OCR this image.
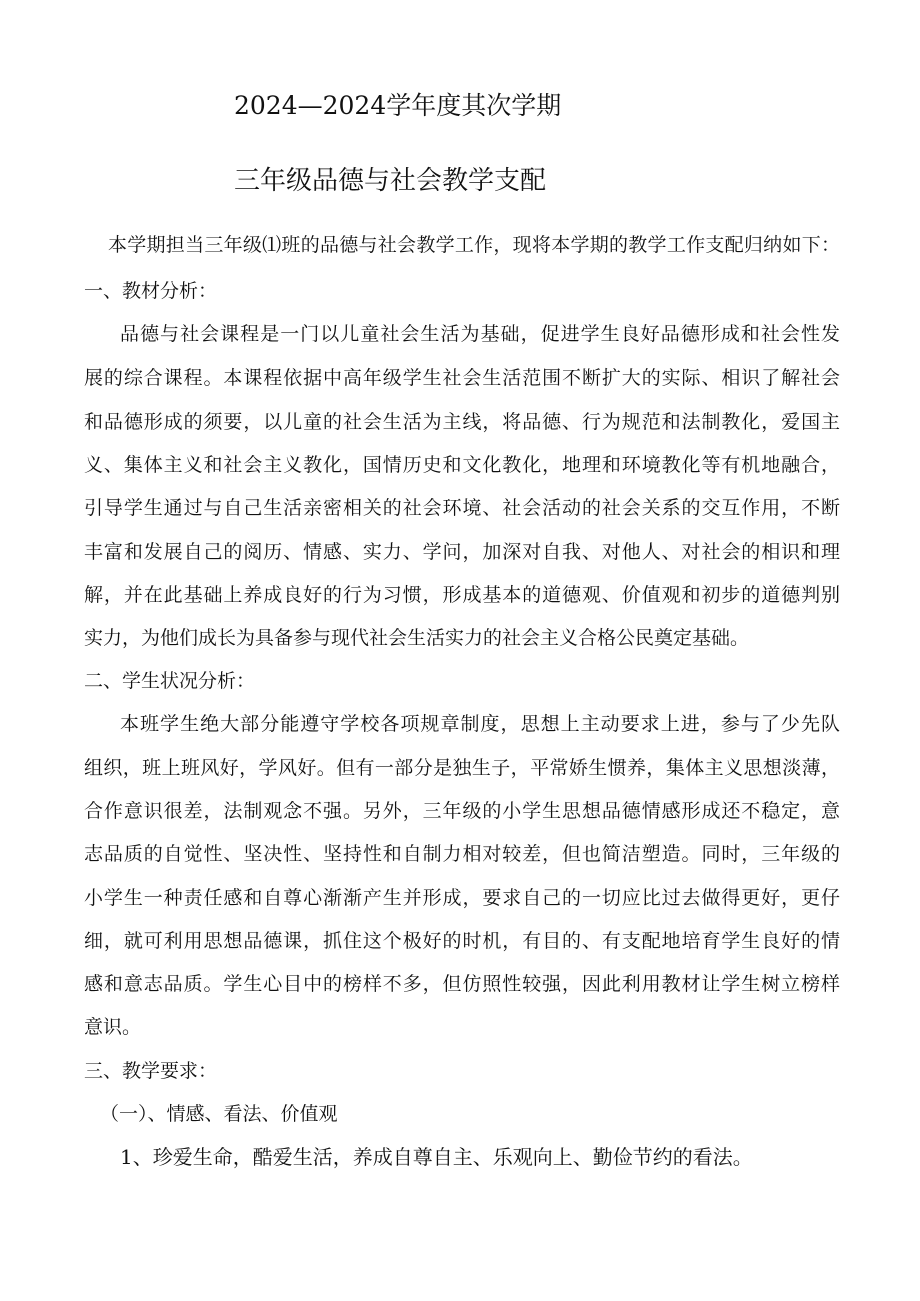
2024—2024学年度其次学期
三年级品德与社会教学支配
本学期担当三年级⑴班的品德与社会教学工作，现将本学期的教学工作支配归纳如下：
一、教材分析：
品德与社会课程是一门以儿童社会生活为基础，促进学生良好品德形成和社会性发
展的综合课程。本课程依据中高年级学生社会生活范围不断扩大的实际、相识了解社会
和品德形成的须要，以儿童的社会生活为主线，将品德、行为规范和法制教化，爱国主
义、集体主义和社会主义教化，国情历史和文化教化，地理和环境教化等有机地融合，
引导学生通过与自己生活亲密相关的社会环境、社会活动的社会关系的交互作用，不断
丰富和发展自己的阅历、情感、实力、学问，加深对自我、对他人、对社会的相识和理
解，并在此基础上养成良好的行为习惯，形成基本的道德观、价值观和初步的道德判别
实力，为他们成长为具备参与现代社会生活实力的社会主义合格公民奠定基础。
二、学生状况分析：
本班学生绝大部分能遵守学校各项规章制度，思想上主动要求上进，参与了少先队
组织，班上班风好，学风好。但有一部分是独生子，平常娇生惯养，集体主义思想淡薄，
合作意识很差，法制观念不强。另外，三年级的小学生思想品德情感形成还不稳定，意
志品质的自觉性、坚决性、坚持性和自制力相对较差，但也简洁塑造。同时，三年级的
小学生一种责任感和自尊心渐渐产生并形成，要求自己的一切应比过去做得更好，更仔
细，就可利用思想品德课，抓住这个极好的时机，有目的、有支配地培育学生良好的情
感和意志品质。学生心目中的榜样不多，但仿照性较强，因此利用教材让学生树立榜样
意识。
三、教学要求：
（一）、情感、看法、价值观
1、珍爱生命，酷爱生活，养成自尊自主、乐观向上、勤俭节约的看法。
